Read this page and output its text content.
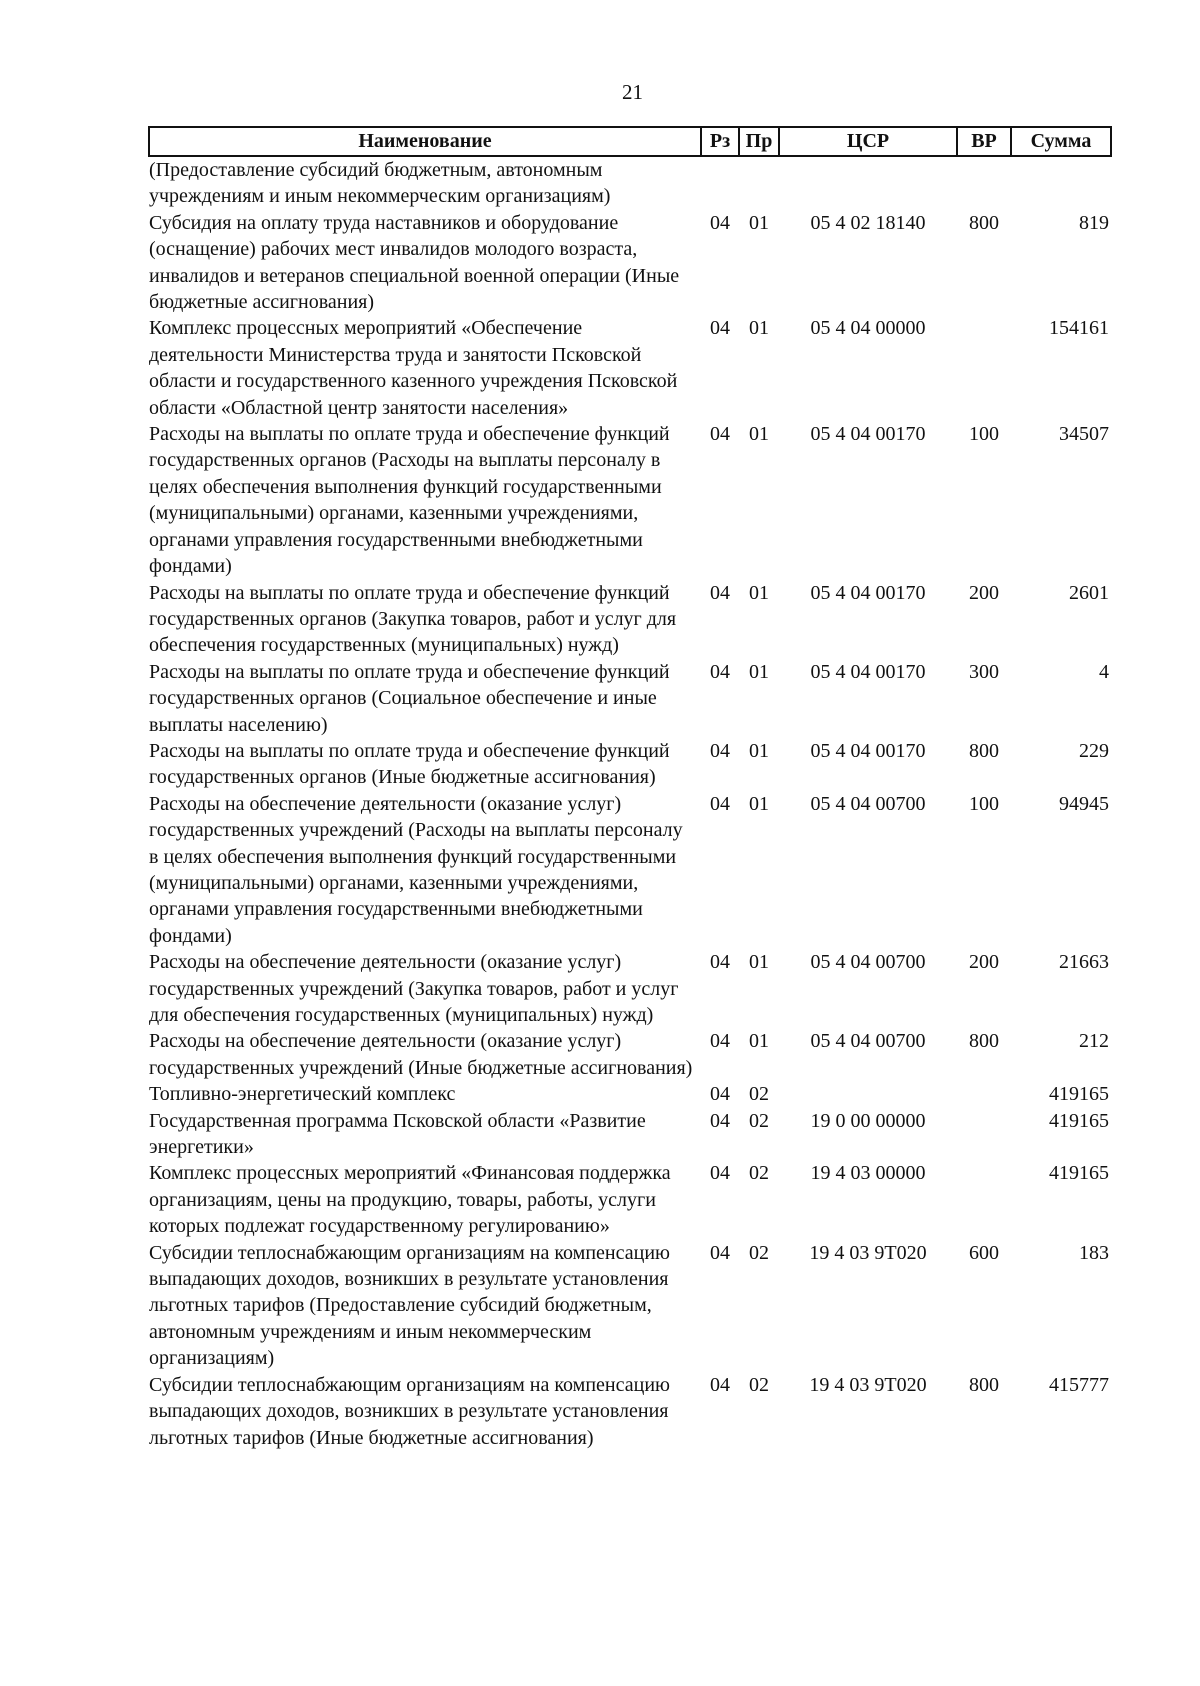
21
Наименование	Рз	Пр	ЦСР	ВР	Сумма
(Предоставление субсидий бюджетным, автономным учреждениям и иным некоммерческим организациям)					
Субсидия на оплату труда наставников и оборудование (оснащение) рабочих мест инвалидов молодого возраста, инвалидов и ветеранов специальной военной операции (Иные бюджетные ассигнования)	04	01	05 4 02 18140	800	819
Комплекс процессных мероприятий «Обеспечение деятельности Министерства труда и занятости Псковской области и государственного казенного учреждения Псковской области «Областной центр занятости населения»	04	01	05 4 04 00000		154161
Расходы на выплаты по оплате труда и обеспечение функций государственных органов (Расходы на выплаты персоналу в целях обеспечения выполнения функций государственными (муниципальными) органами, казенными учреждениями, органами управления государственными внебюджетными фондами)	04	01	05 4 04 00170	100	34507
Расходы на выплаты по оплате труда и обеспечение функций государственных органов (Закупка товаров, работ и услуг для обеспечения государственных (муниципальных) нужд)	04	01	05 4 04 00170	200	2601
Расходы на выплаты по оплате труда и обеспечение функций государственных органов (Социальное обеспечение и иные выплаты населению)	04	01	05 4 04 00170	300	4
Расходы на выплаты по оплате труда и обеспечение функций государственных органов (Иные бюджетные ассигнования)	04	01	05 4 04 00170	800	229
Расходы на обеспечение деятельности (оказание услуг) государственных учреждений (Расходы на выплаты персоналу в целях обеспечения выполнения функций государственными (муниципальными) органами, казенными учреждениями, органами управления государственными внебюджетными фондами)	04	01	05 4 04 00700	100	94945
Расходы на обеспечение деятельности (оказание услуг) государственных учреждений (Закупка товаров, работ и услуг для обеспечения государственных (муниципальных) нужд)	04	01	05 4 04 00700	200	21663
Расходы на обеспечение деятельности (оказание услуг) государственных учреждений (Иные бюджетные ассигнования)	04	01	05 4 04 00700	800	212
Топливно-энергетический комплекс	04	02			419165
Государственная программа Псковской области «Развитие энергетики»	04	02	19 0 00 00000		419165
Комплекс процессных мероприятий «Финансовая поддержка организациям, цены на продукцию, товары, работы, услуги которых подлежат государственному регулированию»	04	02	19 4 03 00000		419165
Субсидии теплоснабжающим организациям на компенсацию выпадающих доходов, возникших в результате установления льготных тарифов (Предоставление субсидий бюджетным, автономным учреждениям и иным некоммерческим организациям)	04	02	19 4 03 9Т020	600	183
Субсидии теплоснабжающим организациям на компенсацию выпадающих доходов, возникших в результате установления льготных тарифов (Иные бюджетные ассигнования)	04	02	19 4 03 9Т020	800	415777
